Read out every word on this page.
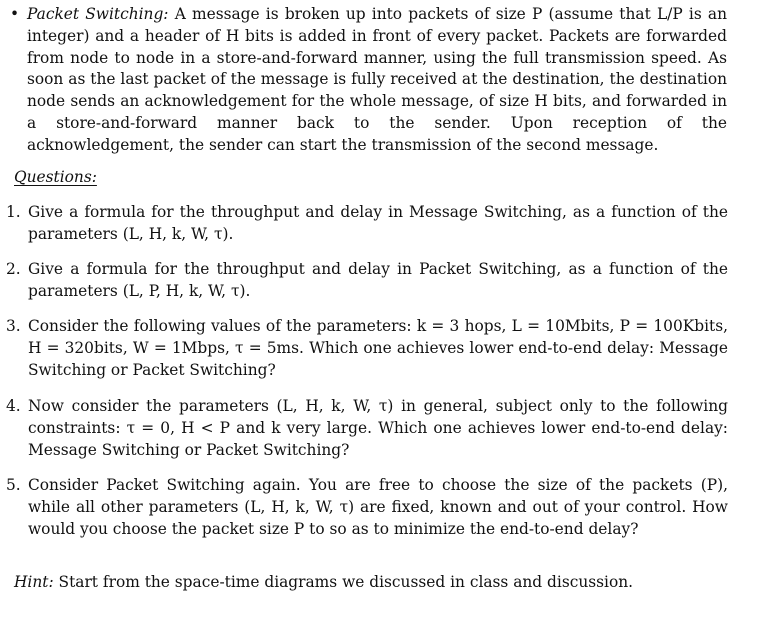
• Packet Switching: A message is broken up into packets of size P (assume that L/P is an integer) and a header of H bits is added in front of every packet. Packets are forwarded from node to node in a store-and-forward manner, using the full transmission speed. As soon as the last packet of the message is fully received at the destination, the destination node sends an acknowledgement for the whole message, of size H bits, and forwarded in a store-and-forward manner back to the sender. Upon reception of the acknowledgement, the sender can start the transmission of the second message.
Questions:
1. Give a formula for the throughput and delay in Message Switching, as a function of the parameters (L, H, k, W, τ).
2. Give a formula for the throughput and delay in Packet Switching, as a function of the parameters (L, P, H, k, W, τ).
3. Consider the following values of the parameters: k = 3 hops, L = 10Mbits, P = 100Kbits, H = 320bits, W = 1Mbps, τ = 5ms. Which one achieves lower end-to-end delay: Message Switching or Packet Switching?
4. Now consider the parameters (L, H, k, W, τ) in general, subject only to the following constraints: τ = 0, H < P and k very large. Which one achieves lower end-to-end delay: Message Switching or Packet Switching?
5. Consider Packet Switching again. You are free to choose the size of the packets (P), while all other parameters (L, H, k, W, τ) are fixed, known and out of your control. How would you choose the packet size P to so as to minimize the end-to-end delay?
Hint: Start from the space-time diagrams we discussed in class and discussion.
